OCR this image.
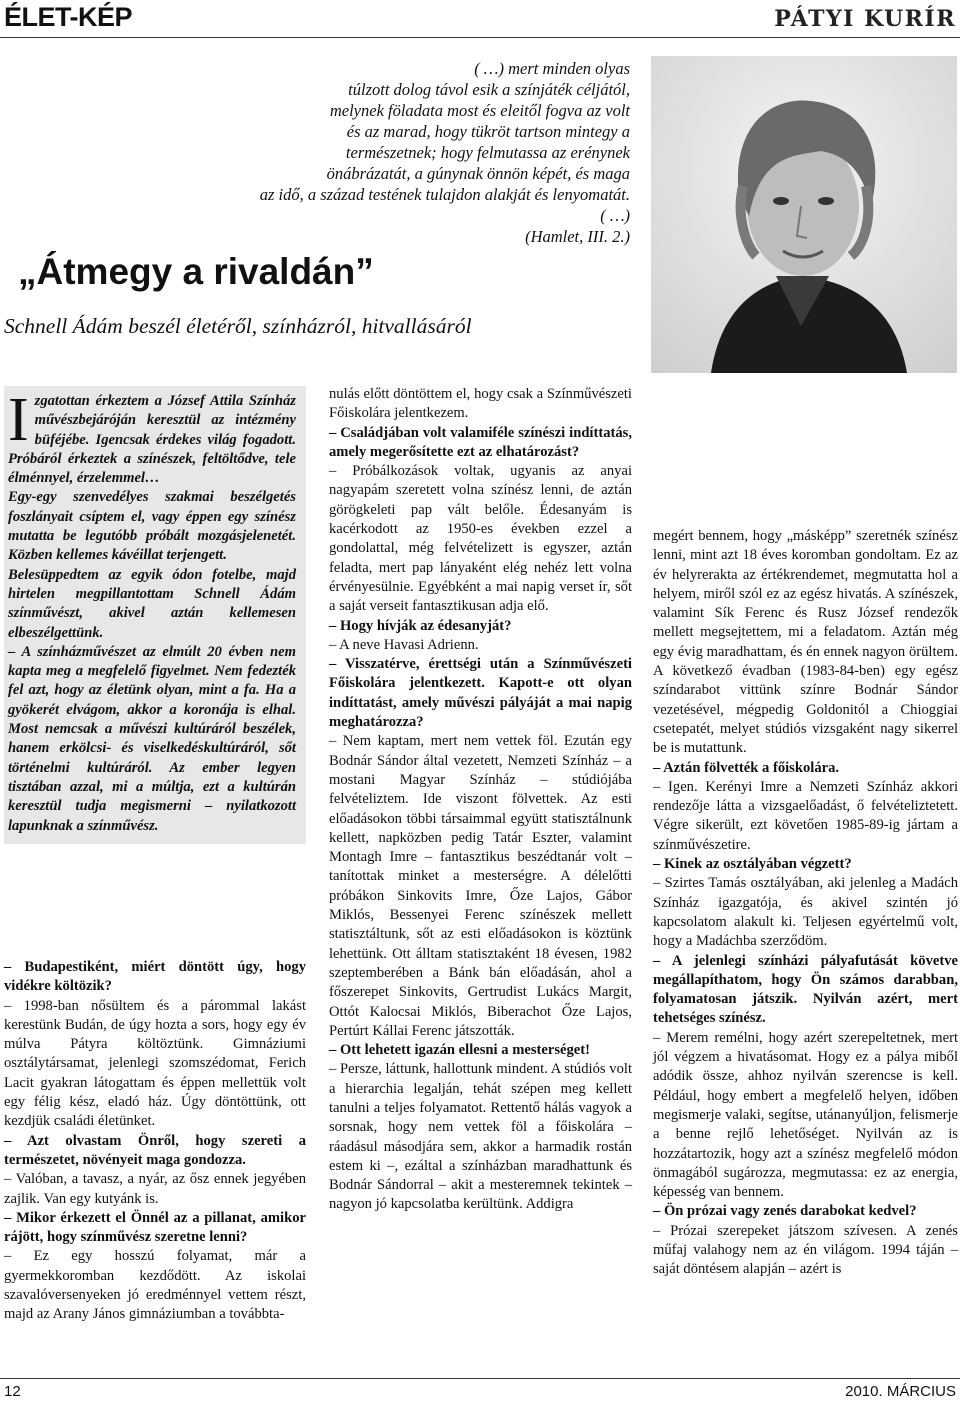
ÉLET-KÉP	PÁTYI KURÍR
( …) mert minden olyas
túlzott dolog távol esik a színjáték céljától,
melynek föladata most és eleitől fogva az volt
és az marad, hogy tükröt tartson mintegy a
természetnek; hogy felmutassa az erénynek
önábrázatát, a gúnynak önnön képét, és maga
az idő, a század testének tulajdon alakját és lenyomatát.
( …)
(Hamlet, III. 2.)
„Átmegy a rivaldán”
Schnell Ádám beszél életéről, színházról, hitvallásáról
I zgatottan érkeztem a József Attila Színház művészbejáróján keresztül az intézmény büféjébe. Igencsak érdekes világ fogadott. Próbáról érkeztek a színészek, feltöltődve, tele élménnyel, érzelemmel…

Egy-egy szenvedélyes szakmai beszélgetés foszlányait csíptem el, vagy éppen egy színész mutatta be legutóbb próbált mozgásjelenetét. Közben kellemes kávéillat terjengett.

Belesüppedtem az egyik ódon fotelbe, majd hirtelen megpillantottam Schnell Ádám színművészt, akivel aztán kellemesen elbeszélgettünk.

– A színházművészet az elmúlt 20 évben nem kapta meg a megfelelő figyelmet. Nem fedezték fel azt, hogy az életünk olyan, mint a fa. Ha a gyökerét elvágom, akkor a koronája is elhal. Most nemcsak a művészi kultúráról beszélek, hanem erkölcsi- és viselkedéskultúráról, sőt történelmi kultúráról. Az ember legyen tisztában azzal, mi a múltja, ezt a kultúrán keresztül tudja megismerni – nyilatkozott lapunknak a színművész.

– Budapestiként, miért döntött úgy, hogy vidékre költözik?

– 1998-ban nősültem és a párommal lakást kerestünk Budán, de úgy hozta a sors, hogy egy év múlva Pátyra költöztünk. Gimnáziumi osztálytársamat, jelenlegi szomszédomat, Ferich Lacit gyakran látogattam és éppen mellettük volt egy félig kész, eladó ház. Úgy döntöttünk, ott kezdjük családi életünket.

– Azt olvastam Önről, hogy szereti a természetet, növényeit maga gondozza.

– Valóban, a tavasz, a nyár, az ősz ennek jegyében zajlik. Van egy kutyánk is.

– Mikor érkezett el Önnél az a pillanat, amikor rájött, hogy színművész szeretne lenni?

– Ez egy hosszú folyamat, már a gyermekkoromban kezdődött. Az iskolai szavalóversenyeken jó eredménnyel vettem részt, majd az Arany János gimnáziumban a továbbta-

nulás előtt döntöttem el, hogy csak a Színművészeti Főiskolára jelentkezem.

– Családjában volt valamiféle színészi indíttatás, amely megerősítette ezt az elhatározást?

– Próbálkozások voltak, ugyanis az anyai nagyapám szeretett volna színész lenni, de aztán görögkeleti pap vált belőle. Édesanyám is kacérkodott az 1950-es években ezzel a gondolattal, még felvételizett is egyszer, aztán feladta, mert pap lányaként elég nehéz lett volna érvényesülnie. Egyébként a mai napig verset ír, sőt a saját verseit fantasztikusan adja elő.

– Hogy hívják az édesanyját?

– A neve Havasi Adrienn.

– Visszatérve, érettségi után a Színművészeti Főiskolára jelentkezett. Kapott-e ott olyan indíttatást, amely művészi pályáját a mai napig meghatározza?

– Nem kaptam, mert nem vettek föl. Ezután egy Bodnár Sándor által vezetett, Nemzeti Színház – a mostani Magyar Színház – stúdiójába felvételiztem. Ide viszont fölvettek. Az esti előadásokon többi társaimmal együtt statisztálnunk kellett, napközben pedig Tatár Eszter, valamint Montagh Imre – fantasztikus beszédtanár volt – tanítottak minket a mesterségre. A délelőtti próbákon Sinkovits Imre, Őze Lajos, Gábor Miklós, Bessenyei Ferenc színészek mellett statisztáltunk, sőt az esti előadásokon is köztünk lehettünk. Ott álltam statisztaként 18 évesen, 1982 szeptemberében a Bánk bán előadásán, ahol a főszerepet Sinkovits, Gertrudist Lukács Margit, Ottót Kalocsai Miklós, Biberachot Őze Lajos, Pertúrt Kállai Ferenc játszották.

– Ott lehetett igazán ellesni a mesterséget!

– Persze, láttunk, hallottunk mindent. A stúdiós volt a hierarchia legalján, tehát szépen meg kellett tanulni a teljes folyamatot. Rettentő hálás vagyok a sorsnak, hogy nem vettek föl a főiskolára – ráadásul másodjára sem, akkor a harmadik rostán estem ki –, ezáltal a színházban maradhattunk és Bodnár Sándorral – akit a mesteremnek tekintek – nagyon jó kapcsolatba kerültünk. Addigra

megért bennem, hogy „másképp” szeretnék színész lenni, mint azt 18 éves koromban gondoltam. Ez az év helyrerakta az értékrendemet, megmutatta hol a helyem, miről szól ez az egész hivatás. A színészek, valamint Sík Ferenc és Rusz József rendezők mellett megsejtettem, mi a feladatom. Aztán még egy évig maradhattam, és én ennek nagyon örültem. A következő évadban (1983-84-ben) egy egész színdarabot vittünk színre Bodnár Sándor vezetésével, mégpedig Goldonitól a Chioggiai csetepatét, melyet stúdiós vizsgaként nagy sikerrel be is mutattunk.

– Aztán fölvették a főiskolára.

– Igen. Kerényi Imre a Nemzeti Színház akkori rendezője látta a vizsgaelőadást, ő felvételiztetett. Végre sikerült, ezt követően 1985-89-ig jártam a színművészetire.

– Kinek az osztályában végzett?

– Szirtes Tamás osztályában, aki jelenleg a Madách Színház igazgatója, és akivel szintén jó kapcsolatom alakult ki. Teljesen egyértelmű volt, hogy a Madáchba szerződöm.

– A jelenlegi színházi pályafutását követve megállapíthatom, hogy Ön számos darabban, folyamatosan játszik. Nyilván azért, mert tehetséges színész.

– Merem remélni, hogy azért szerepeltetnek, mert jól végzem a hivatásomat. Hogy ez a pálya miből adódik össze, ahhoz nyilván szerencse is kell. Például, hogy embert a megfelelő helyen, időben megismerje valaki, segítse, utánanyúljon, felismerje a benne rejlő lehetőséget. Nyilván az is hozzátartozik, hogy azt a színész megfelelő módon önmagából sugározza, megmutassa: ez az energia, képesség van bennem.

– Ön prózai vagy zenés darabokat kedvel?

– Prózai szerepeket játszom szívesen. A zenés műfaj valahogy nem az én világom. 1994 táján – saját döntésem alapján – azért is

12	2010. MÁRCIUS
